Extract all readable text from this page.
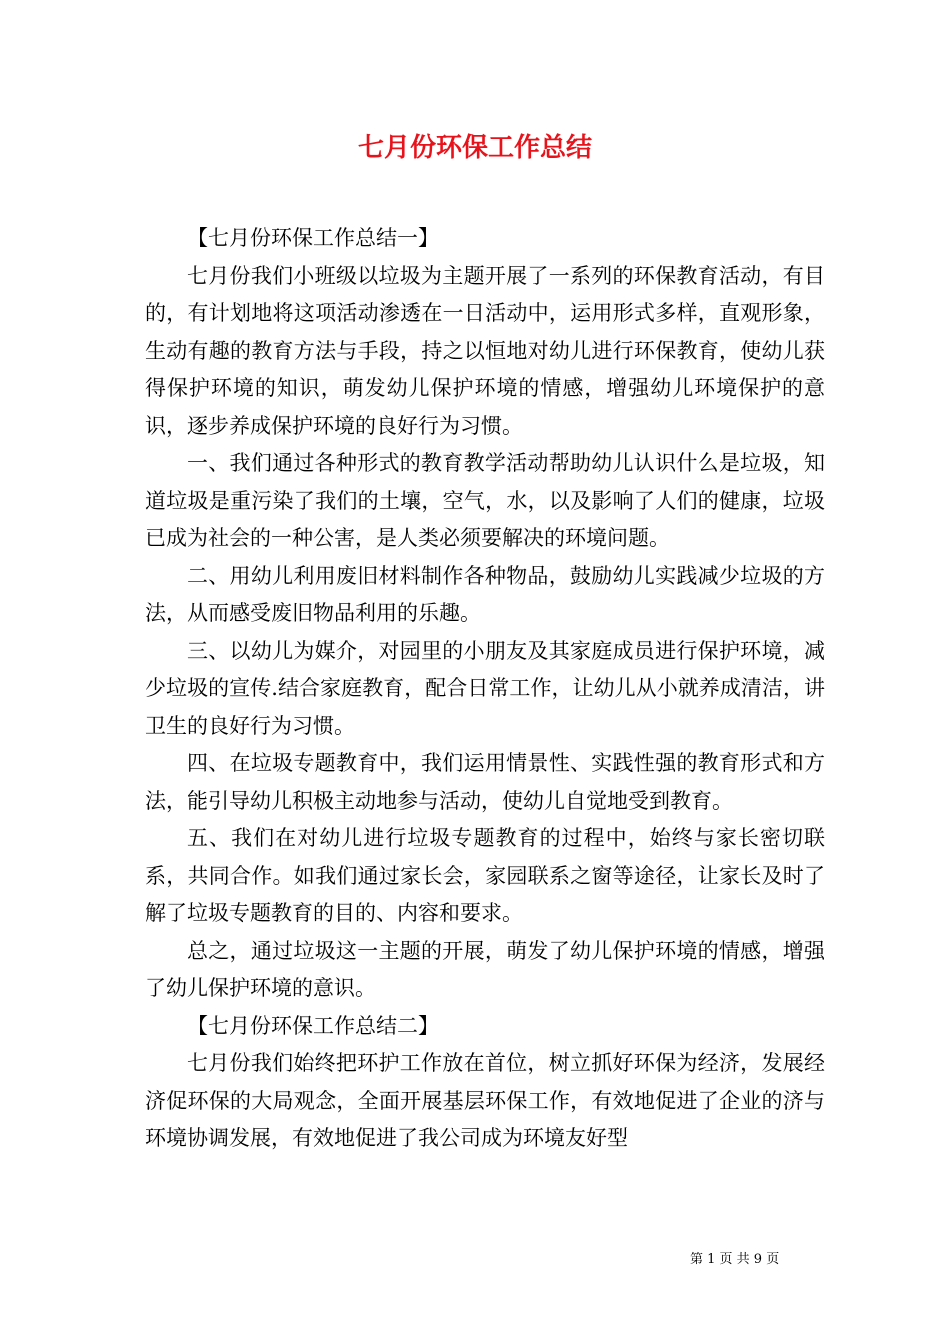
七月份环保工作总结

【七月份环保工作总结一】

七月份我们小班级以垃圾为主题开展了一系列的环保教育活动，有目的，有计划地将这项活动渗透在一日活动中，运用形式多样，直观形象，生动有趣的教育方法与手段，持之以恒地对幼儿进行环保教育，使幼儿获得保护环境的知识，萌发幼儿保护环境的情感，增强幼儿环境保护的意识，逐步养成保护环境的良好行为习惯。

一、我们通过各种形式的教育教学活动帮助幼儿认识什么是垃圾，知道垃圾是重污染了我们的土壤，空气，水，以及影响了人们的健康，垃圾已成为社会的一种公害，是人类必须要解决的环境问题。

二、用幼儿利用废旧材料制作各种物品，鼓励幼儿实践减少垃圾的方法，从而感受废旧物品利用的乐趣。

三、以幼儿为媒介，对园里的小朋友及其家庭成员进行保护环境，减少垃圾的宣传.结合家庭教育，配合日常工作，让幼儿从小就养成清洁，讲卫生的良好行为习惯。

四、在垃圾专题教育中，我们运用情景性、实践性强的教育形式和方法，能引导幼儿积极主动地参与活动，使幼儿自觉地受到教育。

五、我们在对幼儿进行垃圾专题教育的过程中，始终与家长密切联系，共同合作。如我们通过家长会，家园联系之窗等途径，让家长及时了解了垃圾专题教育的目的、内容和要求。

总之，通过垃圾这一主题的开展，萌发了幼儿保护环境的情感，增强了幼儿保护环境的意识。

【七月份环保工作总结二】

七月份我们始终把环护工作放在首位，树立抓好环保为经济，发展经济促环保的大局观念，全面开展基层环保工作，有效地促进了企业的济与环境协调发展，有效地促进了我公司成为环境友好型

第 1 页 共 9 页
